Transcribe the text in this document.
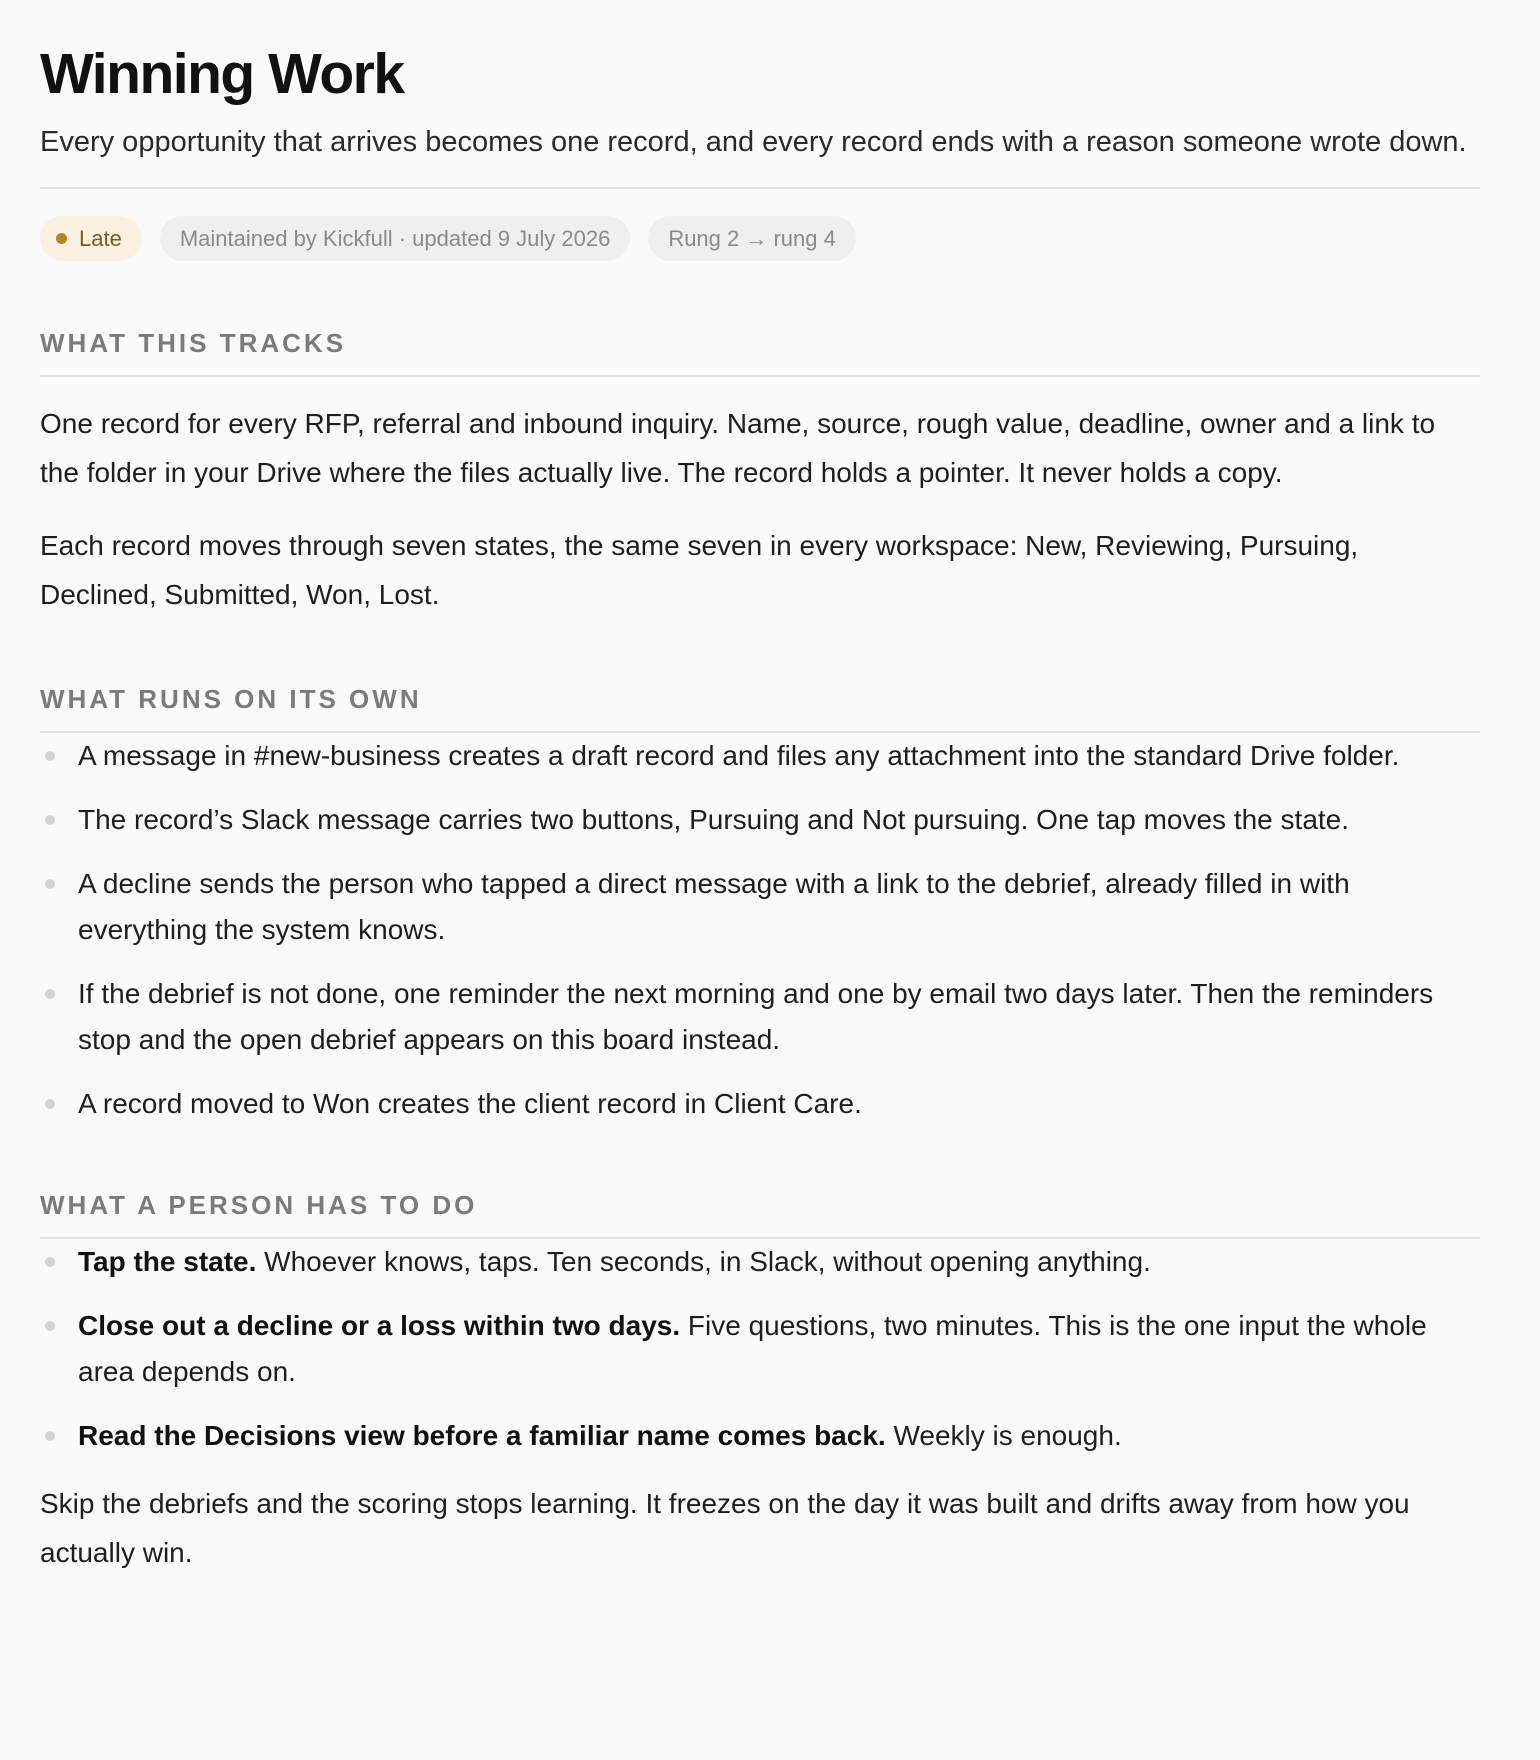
Winning Work

Every opportunity that arrives becomes one record, and every record ends with a reason someone wrote down.

Late	Maintained by Kickfull · updated 9 July 2026	Rung 2 → rung 4
WHAT THIS TRACKS

One record for every RFP, referral and inbound inquiry. Name, source, rough value, deadline, owner and a link to the folder in your Drive where the files actually live. The record holds a pointer. It never holds a copy.

Each record moves through seven states, the same seven in every workspace: New, Reviewing, Pursuing, Declined, Submitted, Won, Lost.

WHAT RUNS ON ITS OWN
A message in #new-business creates a draft record and files any attachment into the standard Drive folder.
The record’s Slack message carries two buttons, Pursuing and Not pursuing. One tap moves the state.
A decline sends the person who tapped a direct message with a link to the debrief, already filled in with everything the system knows.
If the debrief is not done, one reminder the next morning and one by email two days later. Then the reminders stop and the open debrief appears on this board instead.
A record moved to Won creates the client record in Client Care.
WHAT A PERSON HAS TO DO
Tap the state. Whoever knows, taps. Ten seconds, in Slack, without opening anything.
Close out a decline or a loss within two days. Five questions, two minutes. This is the one input the whole area depends on.
Read the Decisions view before a familiar name comes back. Weekly is enough.

Skip the debriefs and the scoring stops learning. It freezes on the day it was built and drifts away from how you actually win.
